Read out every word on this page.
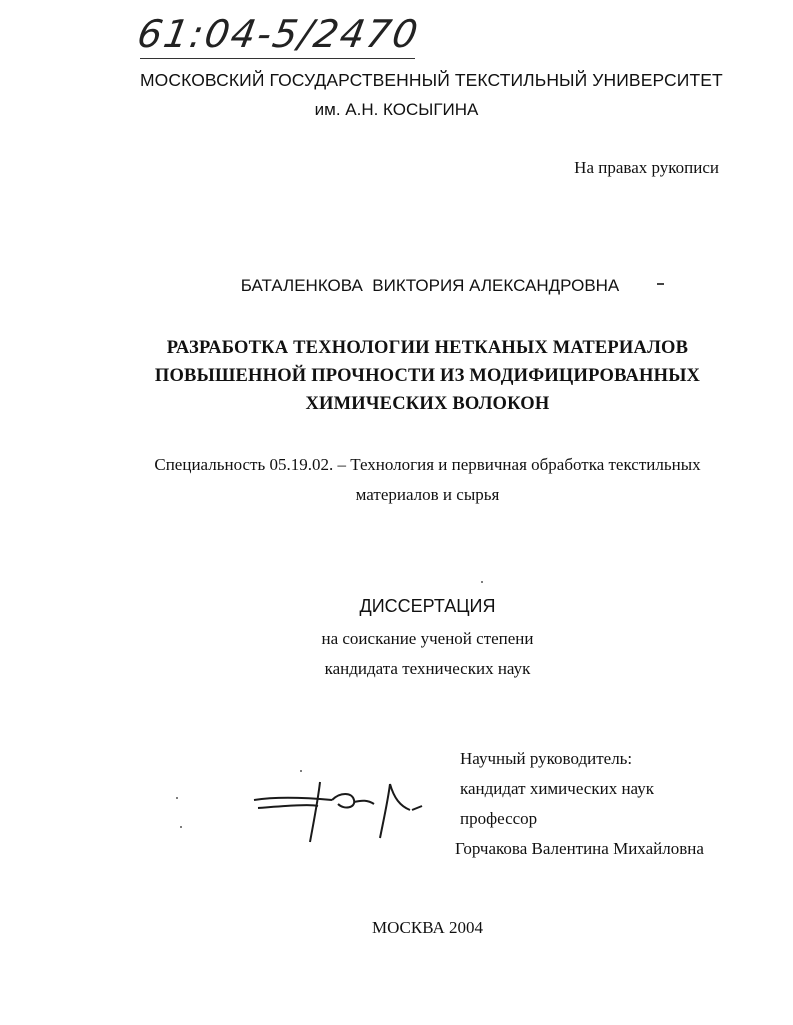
61:04-5/2470
МОСКОВСКИЙ ГОСУДАРСТВЕННЫЙ ТЕКСТИЛЬНЫЙ УНИВЕРСИТЕТ
им. А.Н. КОСЫГИНА
На правах рукописи
БАТАЛЕНКОВА  ВИКТОРИЯ АЛЕКСАНДРОВНА
РАЗРАБОТКА ТЕХНОЛОГИИ НЕТКАНЫХ МАТЕРИАЛОВ
ПОВЫШЕННОЙ ПРОЧНОСТИ ИЗ МОДИФИЦИРОВАННЫХ
ХИМИЧЕСКИХ ВОЛОКОН
Специальность 05.19.02. – Технология и первичная обработка текстильных
материалов и сырья
ДИССЕРТАЦИЯ
на соискание ученой степени
кандидата технических наук
Научный руководитель:
кандидат химических наук
профессор
Горчакова Валентина Михайловна
МОСКВА 2004
